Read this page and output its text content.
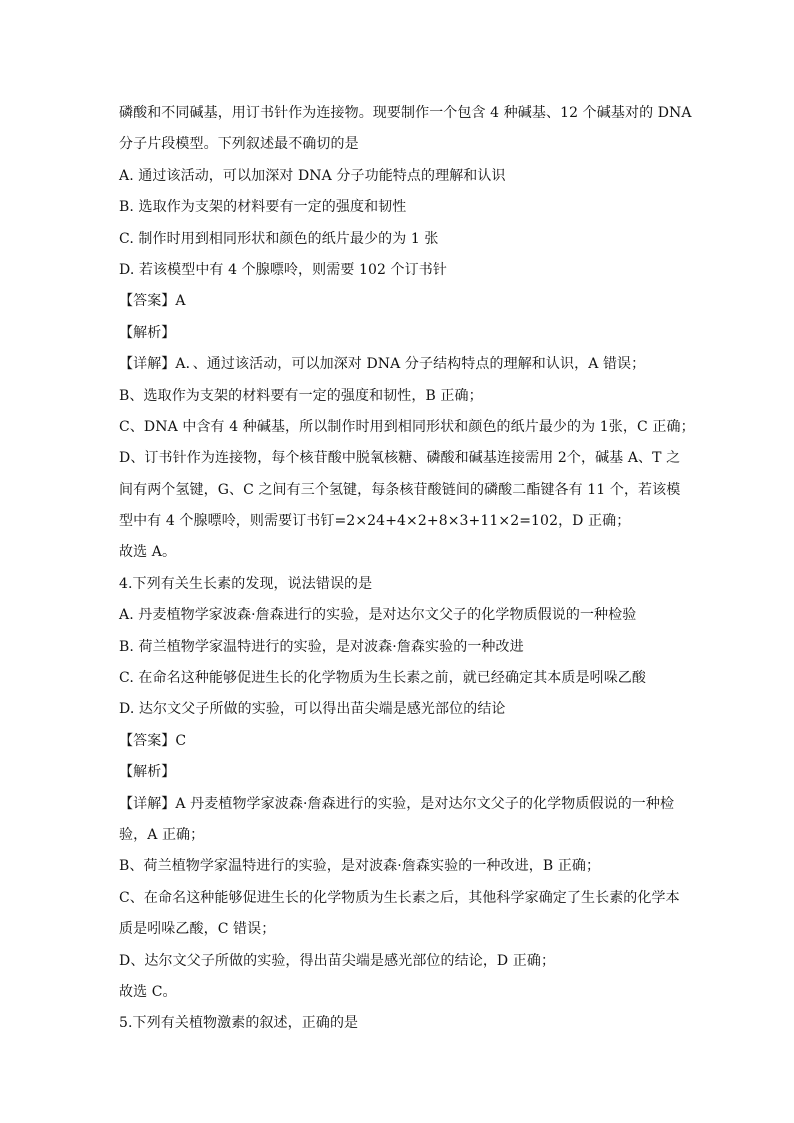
磷酸和不同碱基，用订书针作为连接物。现要制作一个包含 4 种碱基、12 个碱基对的 DNA
分子片段模型。下列叙述最不确切的是
A. 通过该活动，可以加深对 DNA 分子功能特点的理解和认识
B. 选取作为支架的材料要有一定的强度和韧性
C. 制作时用到相同形状和颜色的纸片最少的为 1 张
D. 若该模型中有 4 个腺嘌呤，则需要 102 个订书针
【答案】A
【解析】
【详解】A．、通过该活动，可以加深对 DNA 分子结构特点的理解和认识，A 错误；
B、选取作为支架的材料要有一定的强度和韧性，B 正确；
C、DNA 中含有 4 种碱基，所以制作时用到相同形状和颜色的纸片最少的为 1张，C 正确；
D、订书针作为连接物，每个核苷酸中脱氧核糖、磷酸和碱基连接需用 2个，碱基 A、T 之
间有两个氢键，G、C 之间有三个氢键，每条核苷酸链间的磷酸二酯键各有 11 个，若该模
型中有 4 个腺嘌呤，则需要订书钉=2×24+4×2+8×3+11×2=102，D 正确；
故选 A。
4.下列有关生长素的发现，说法错误的是
A. 丹麦植物学家波森·詹森进行的实验，是对达尔文父子的化学物质假说的一种检验
B. 荷兰植物学家温特进行的实验，是对波森·詹森实验的一种改进
C. 在命名这种能够促进生长的化学物质为生长素之前，就已经确定其本质是吲哚乙酸
D. 达尔文父子所做的实验，可以得出苗尖端是感光部位的结论
【答案】C
【解析】
【详解】A 丹麦植物学家波森·詹森进行的实验，是对达尔文父子的化学物质假说的一种检
验，A 正确；
B、荷兰植物学家温特进行的实验，是对波森·詹森实验的一种改进，B 正确；
C、在命名这种能够促进生长的化学物质为生长素之后，其他科学家确定了生长素的化学本
质是吲哚乙酸，C 错误；
D、达尔文父子所做的实验，得出苗尖端是感光部位的结论，D 正确；
故选 C。
5.下列有关植物激素的叙述，正确的是
